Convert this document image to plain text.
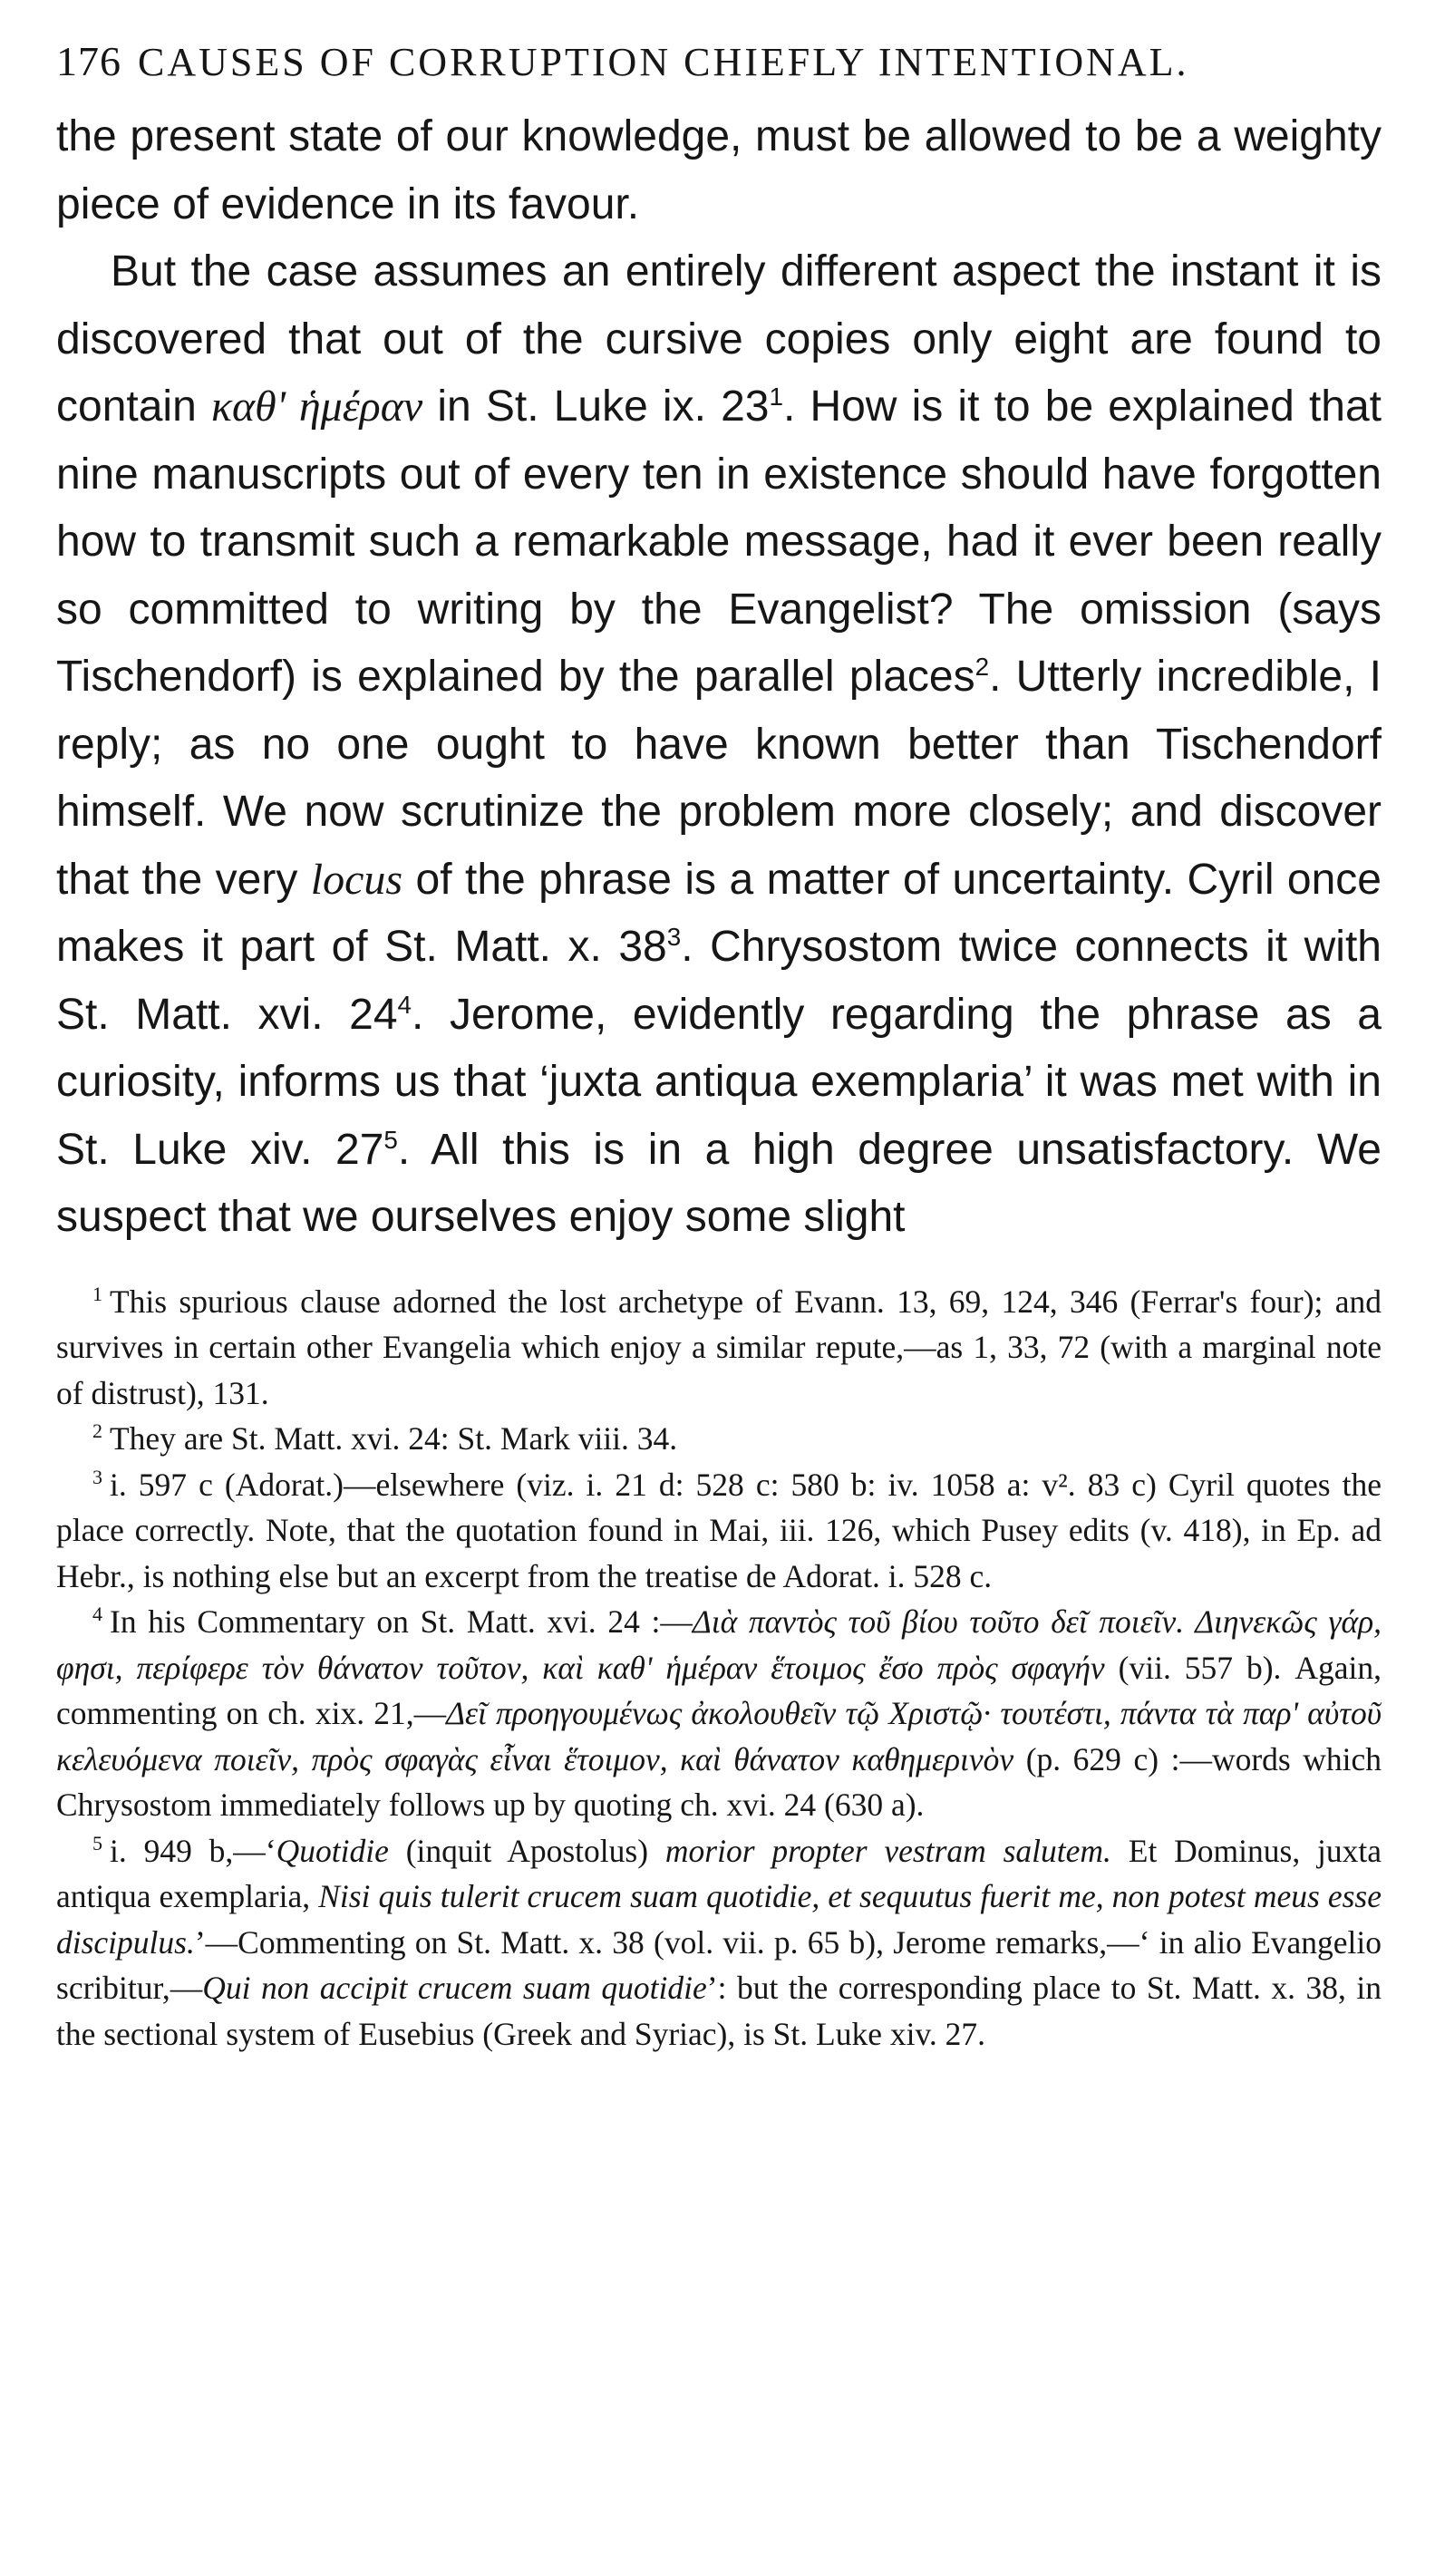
176 CAUSES OF CORRUPTION CHIEFLY INTENTIONAL.

the present state of our knowledge, must be allowed to be a weighty piece of evidence in its favour.

But the case assumes an entirely different aspect the instant it is discovered that out of the cursive copies only eight are found to contain καθ' ἡμέραν in St. Luke ix. $23^1$. How is it to be explained that nine manuscripts out of every ten in existence should have forgotten how to transmit such a remarkable message, had it ever been really so committed to writing by the Evangelist? The omission (says Tischendorf) is explained by the parallel places$^2$. Utterly incredible, I reply; as no one ought to have known better than Tischendorf himself. We now scrutinize the problem more closely; and discover that the very locus of the phrase is a matter of uncertainty. Cyril once makes it part of St. Matt. x. $38^3$. Chrysostom twice connects it with St. Matt. xvi. $24^4$. Jerome, evidently regarding the phrase as a curiosity, informs us that ‘juxta antiqua exemplaria’ it was met with in St. Luke xiv. $27^5$. All this is in a high degree unsatisfactory. We suspect that we ourselves enjoy some slight

$^1$ This spurious clause adorned the lost archetype of Evann. 13, 69, 124, 346 (Ferrar's four); and survives in certain other Evangelia which enjoy a similar repute,—as 1, 33, 72 (with a marginal note of distrust), 131.

$^2$ They are St. Matt. xvi. 24: St. Mark viii. 34.

$^3$ i. 597 c (Adorat.)—elsewhere (viz. i. 21 d: 528 c: 580 b: iv. 1058 a: v². 83 c) Cyril quotes the place correctly. Note, that the quotation found in Mai, iii. 126, which Pusey edits (v. 418), in Ep. ad Hebr., is nothing else but an excerpt from the treatise de Adorat. i. 528 c.

$^4$ In his Commentary on St. Matt. xvi. 24 :—Διὰ παντὸς τοῦ βίου τοῦτο δεῖ ποιεῖν. Διηνεκῶς γάρ, φησι, περίφερε τὸν θάνατον τοῦτον, καὶ καθ' ἡμέραν ἕτοιμος ἔσο πρὸς σφαγήν (vii. 557 b). Again, commenting on ch. xix. 21,—Δεῖ προηγουμένως ἀκολουθεῖν τῷ Χριστῷ· τουτέστι, πάντα τὰ παρ' αὐτοῦ κελευόμενα ποιεῖν, πρὸς σφαγὰς εἶναι ἕτοιμον, καὶ θάνατον καθημερινὸν (p. 629 c) :—words which Chrysostom immediately follows up by quoting ch. xvi. 24 (630 a).

$^5$ i. 949 b,—‘Quotidie (inquit Apostolus) morior propter vestram salutem. Et Dominus, juxta antiqua exemplaria, Nisi quis tulerit crucem suam quotidie, et sequutus fuerit me, non potest meus esse discipulus.’—Commenting on St. Matt. x. 38 (vol. vii. p. 65 b), Jerome remarks,—‘ in alio Evangelio scribitur,—Qui non accipit crucem suam quotidie’: but the corresponding place to St. Matt. x. 38, in the sectional system of Eusebius (Greek and Syriac), is St. Luke xiv. 27.
